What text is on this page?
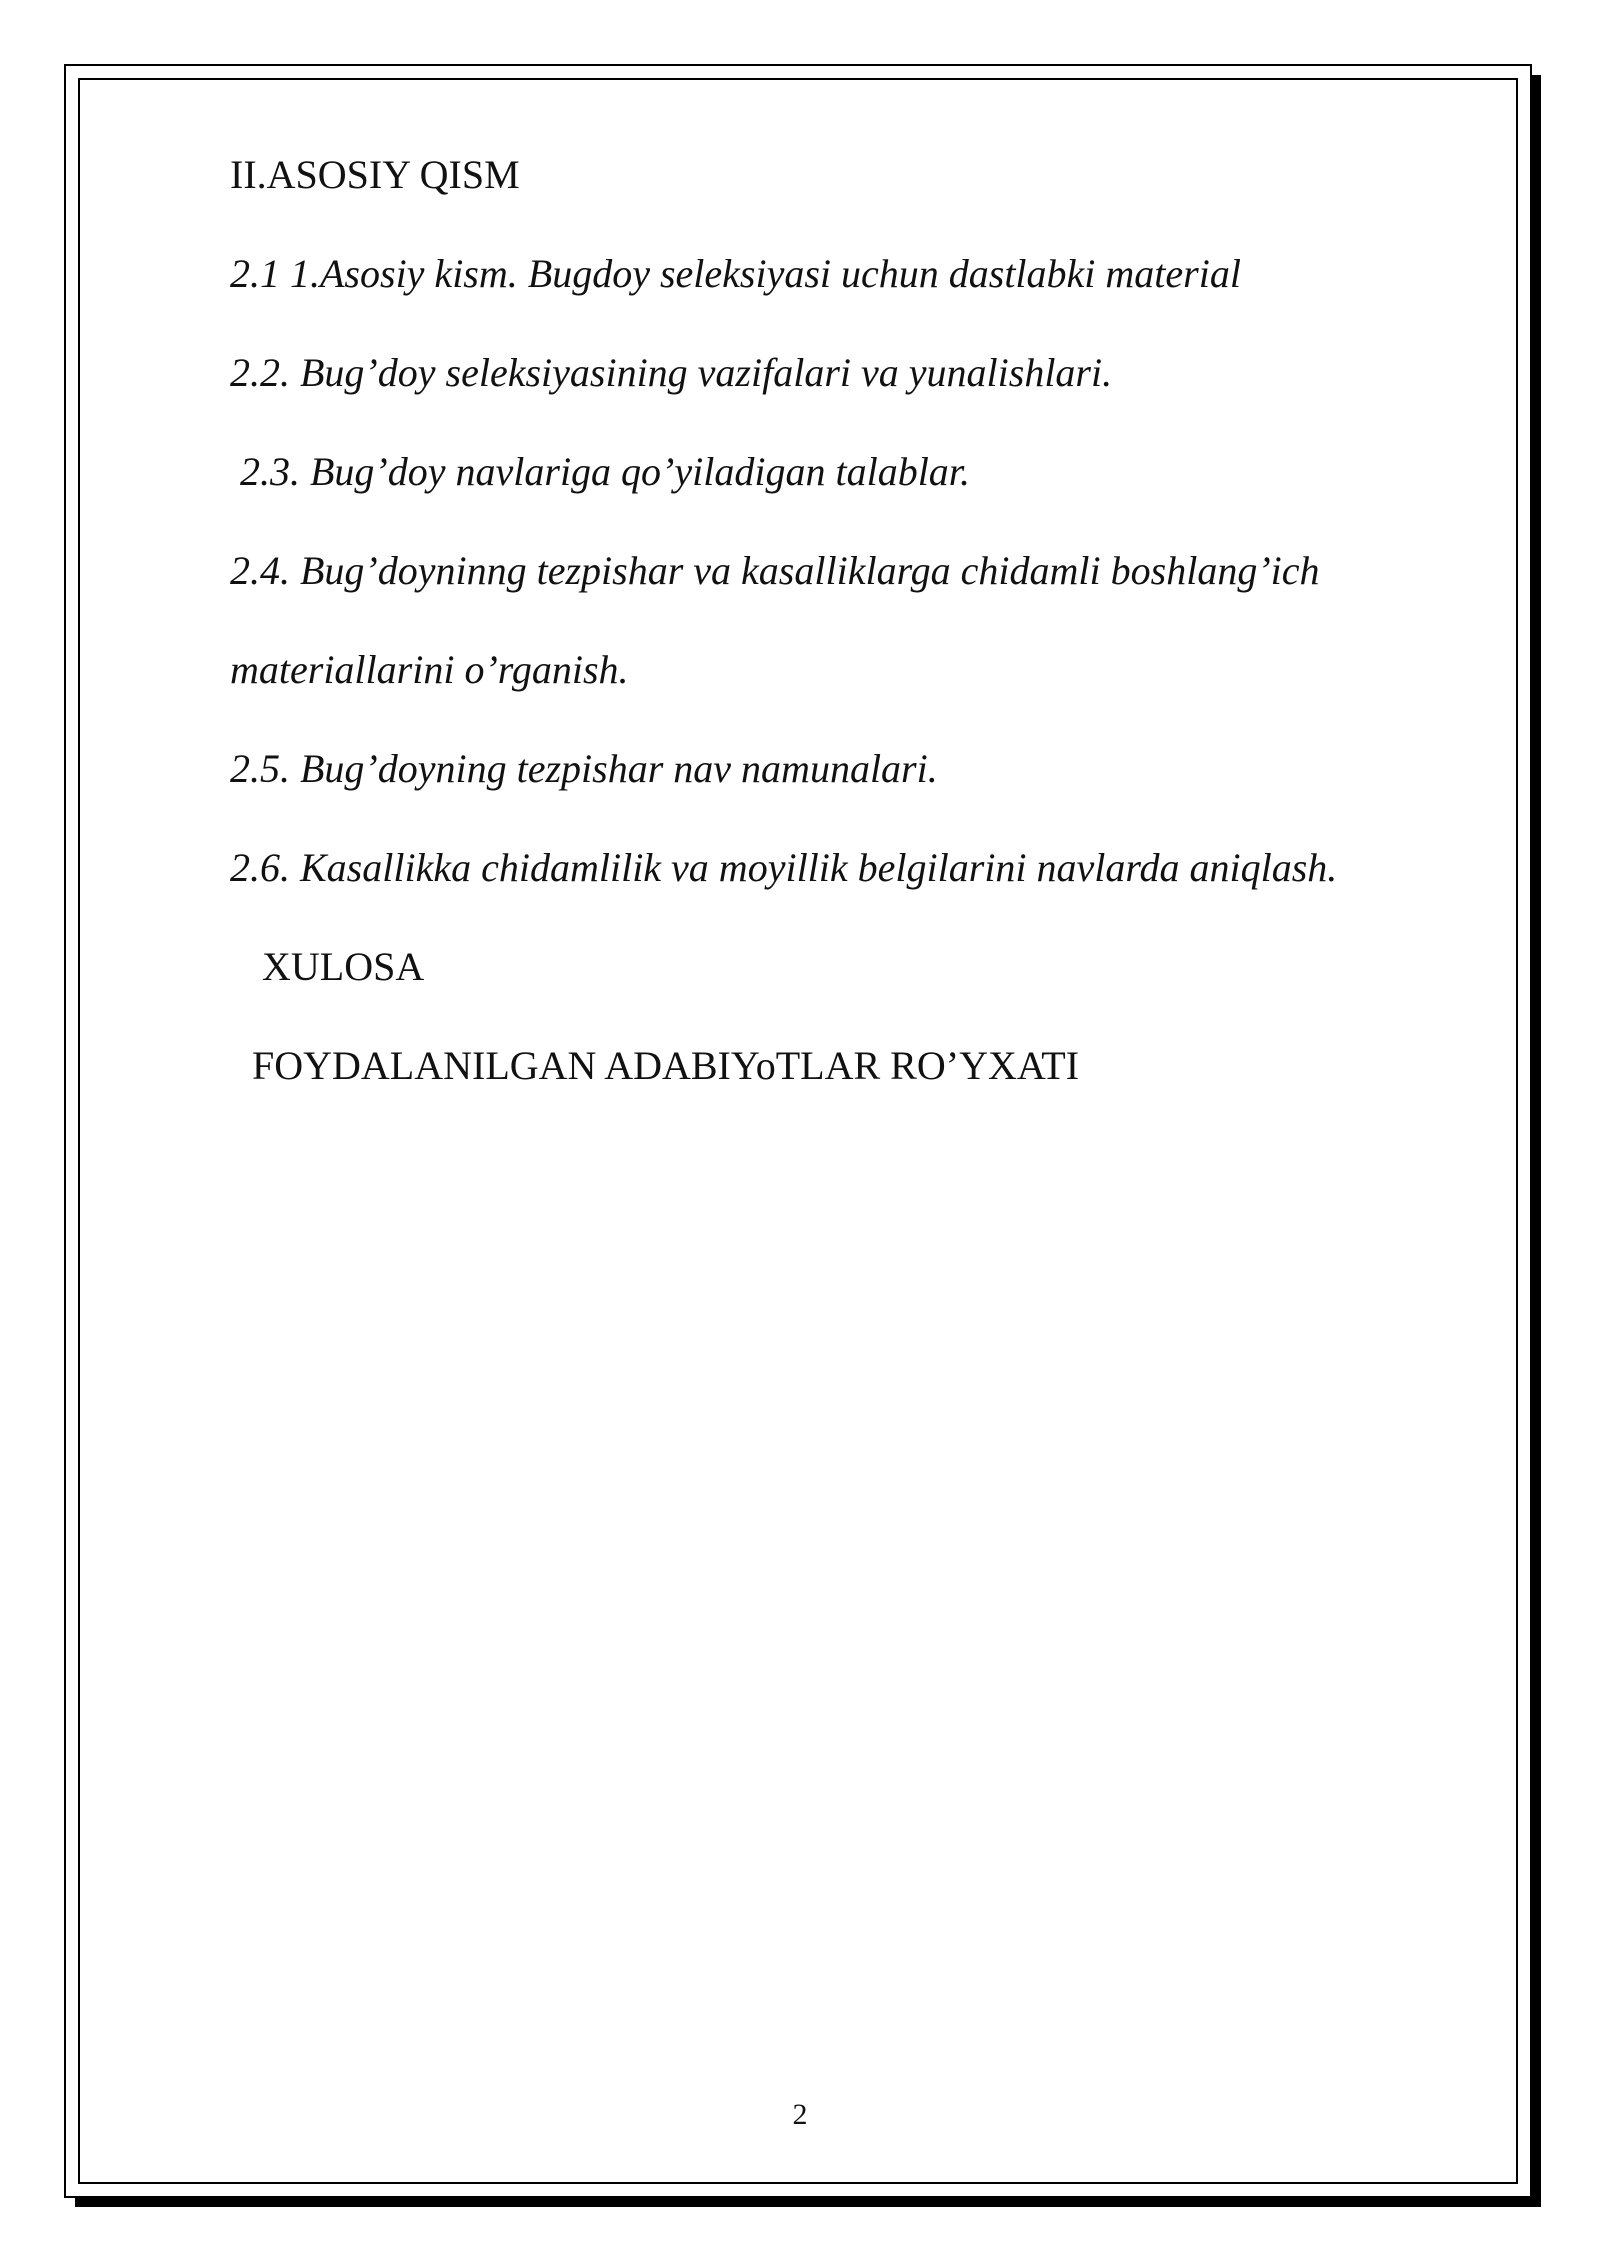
II.ASOSIY QISM
2.1 1.Asosiy kism. Bugdoy seleksiyasi uchun dastlabki material
2.2. Bug’doy seleksiyasining vazifalari va yunalishlari.
2.3. Bug’doy navlariga qo’yiladigan talablar.
2.4. Bug’doyninng tezpishar va kasalliklarga chidamli boshlang’ich
materiallarini o’rganish.
2.5. Bug’doyning tezpishar nav namunalari.
2.6. Kasallikka chidamlilik va moyillik belgilarini navlarda aniqlash.
XULOSA
FOYDALANILGAN ADABIYoTLAR RO’YXATI
2
